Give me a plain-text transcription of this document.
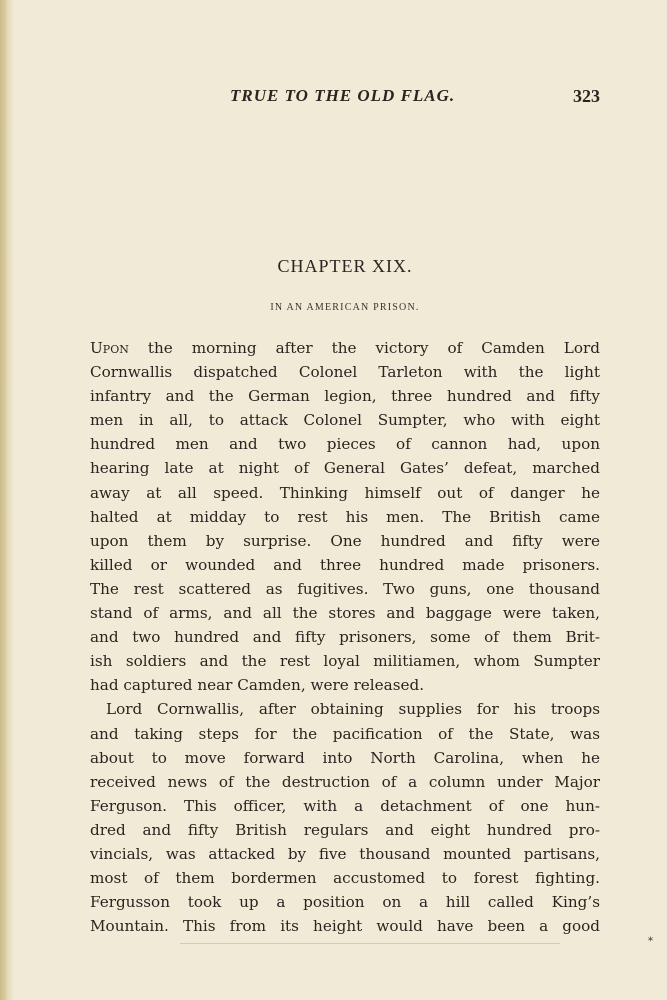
TRUE TO THE OLD FLAG.	323
CHAPTER XIX.
IN AN AMERICAN PRISON.
Upon the morning after the victory of Camden Lord
Cornwallis dispatched Colonel Tarleton with the light
infantry and the German legion, three hundred and fifty
men in all, to attack Colonel Sumpter, who with eight
hundred men and two pieces of cannon had, upon
hearing late at night of General Gates’ defeat, marched
away at all speed. Thinking himself out of danger he
halted at midday to rest his men. The British came
upon them by surprise. One hundred and fifty were
killed or wounded and three hundred made prisoners.
The rest scattered as fugitives. Two guns, one thousand
stand of arms, and all the stores and baggage were taken,
and two hundred and fifty prisoners, some of them Brit-
ish soldiers and the rest loyal militiamen, whom Sumpter
had captured near Camden, were released.
Lord Cornwallis, after obtaining supplies for his troops
and taking steps for the pacification of the State, was
about to move forward into North Carolina, when he
received news of the destruction of a column under Major
Ferguson. This officer, with a detachment of one hun-
dred and fifty British regulars and eight hundred pro-
vincials, was attacked by five thousand mounted partisans,
most of them bordermen accustomed to forest fighting.
Fergusson took up a position on a hill called King’s
Mountain. This from its height would have been a good
*
